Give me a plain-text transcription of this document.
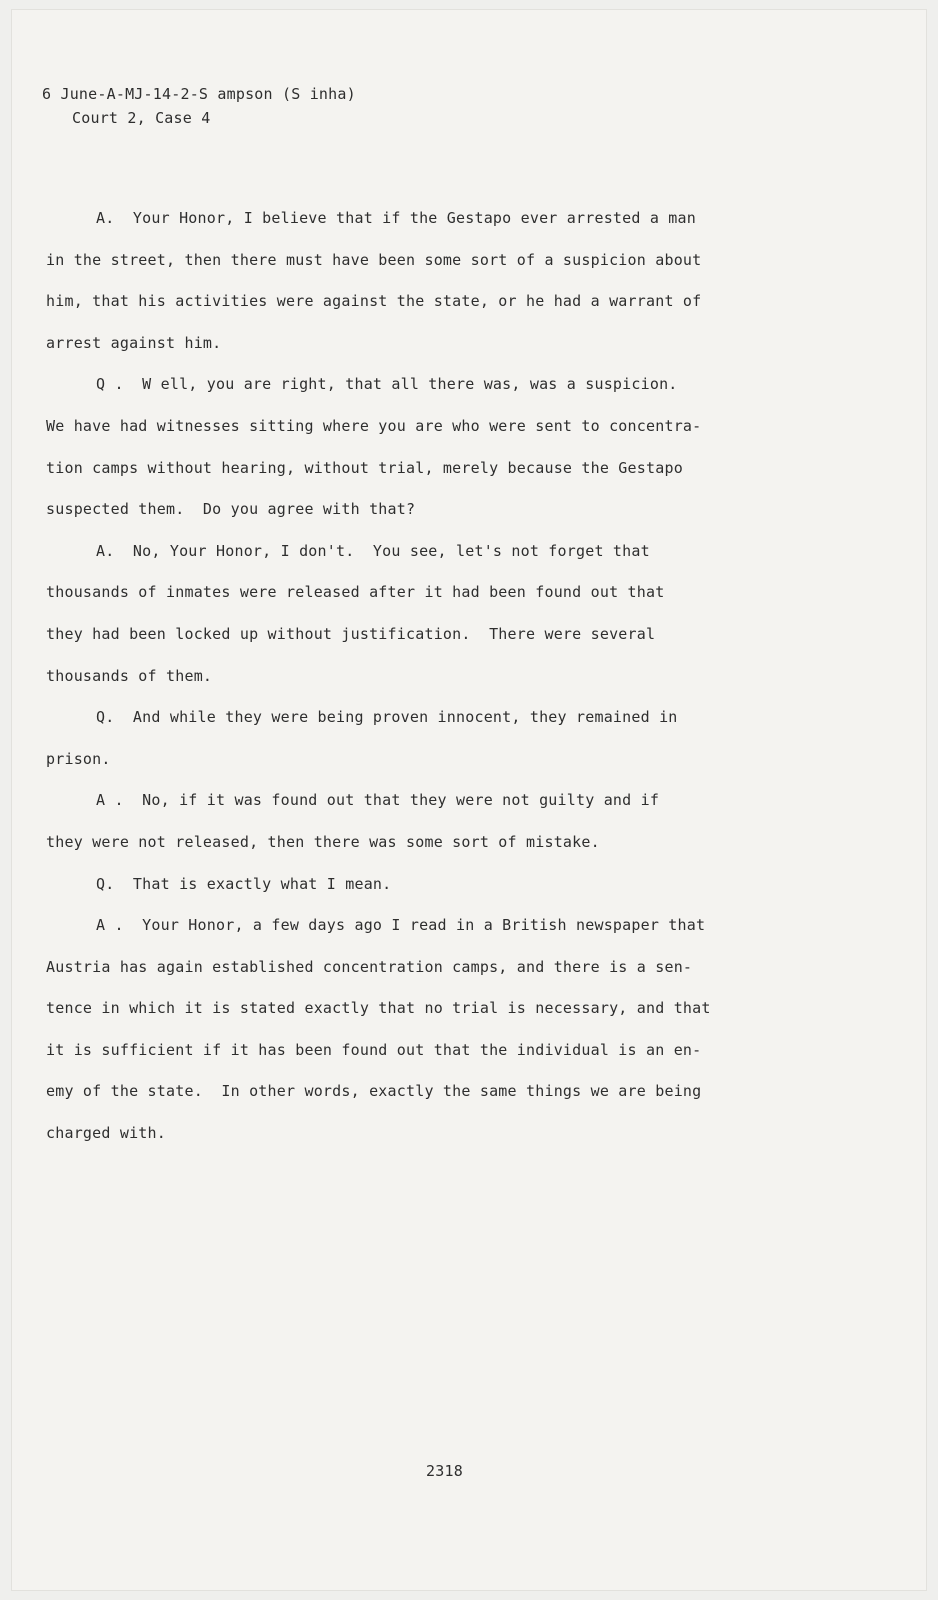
6 June-A-MJ-14-2-S ampson (S inha)
Court 2, Case 4
A.  Your Honor, I believe that if the Gestapo ever arrested a man
in the street, then there must have been some sort of a suspicion about
him, that his activities were against the state, or he had a warrant of
arrest against him.
Q .  W ell, you are right, that all there was, was a suspicion.
We have had witnesses sitting where you are who were sent to concentra-
tion camps without hearing, without trial, merely because the Gestapo
suspected them.  Do you agree with that?
A.  No, Your Honor, I don't.  You see, let's not forget that
thousands of inmates were released after it had been found out that
they had been locked up without justification.  There were several
thousands of them.
Q.  And while they were being proven innocent, they remained in
prison.
A .  No, if it was found out that they were not guilty and if
they were not released, then there was some sort of mistake.
Q.  That is exactly what I mean.
A .  Your Honor, a few days ago I read in a British newspaper that
Austria has again established concentration camps, and there is a sen-
tence in which it is stated exactly that no trial is necessary, and that
it is sufficient if it has been found out that the individual is an en-
emy of the state.  In other words, exactly the same things we are being
charged with.
2318
